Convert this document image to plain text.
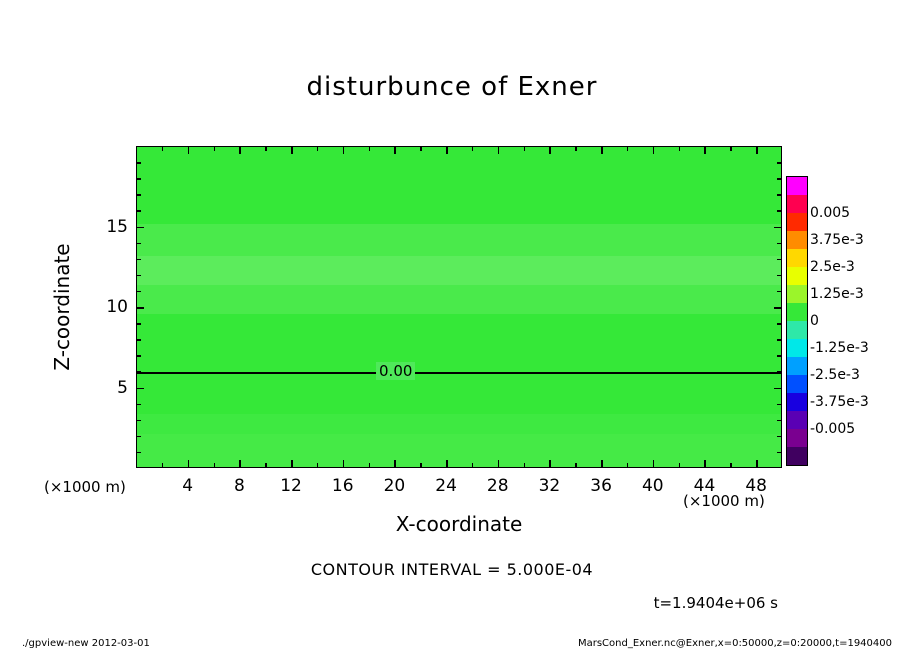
disturbunce of Exner
0.00
4 8 12 16 20 24 28 32 36 40 44 48
5
10
15
Z-coordinate
X-coordinate
(×1000 m)
(×1000 m)
0.005
3.75e-3
2.5e-3
1.25e-3
0
-1.25e-3
-2.5e-3
-3.75e-3
-0.005
CONTOUR INTERVAL = 5.000E-04
t=1.9404e+06 s
./gpview-new 2012-03-01	MarsCond_Exner.nc@Exner,x=0:50000,z=0:20000,t=1940400
